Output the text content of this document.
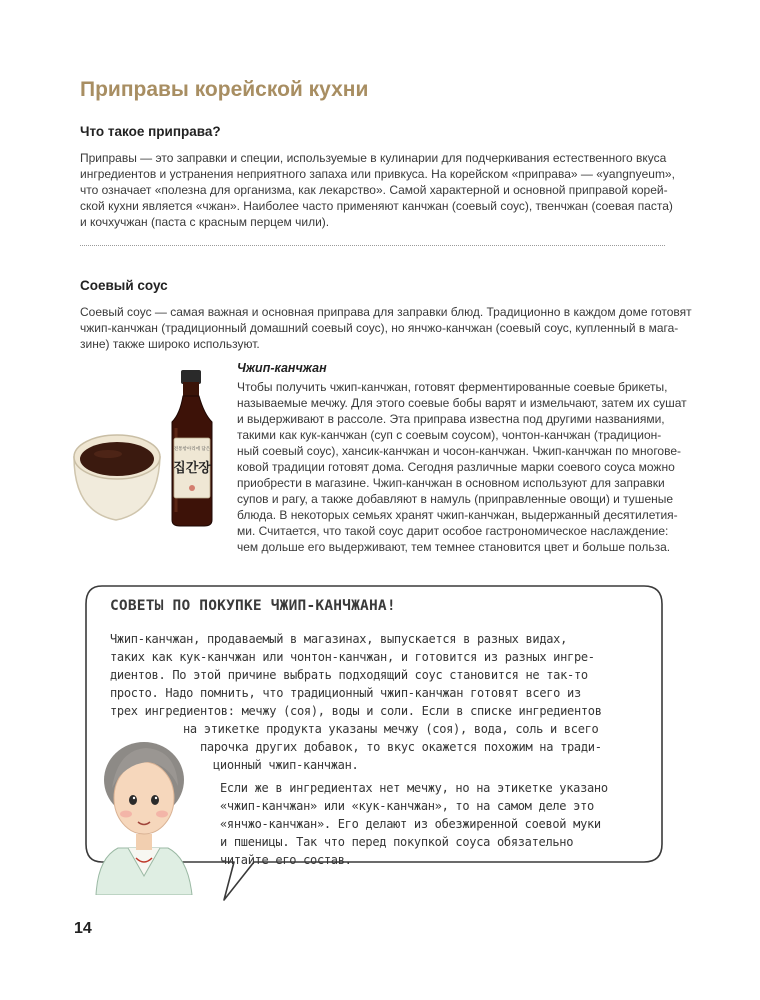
Приправы корейской кухни
Что такое приправа?
Приправы — это заправки и специи, используемые в кулинарии для подчеркивания естественного вкуса
ингредиентов и устранения неприятного запаха или привкуса. На корейском «приправа» — «yangnyeum»,
что означает «полезна для организма, как лекарство». Самой характерной и основной приправой корей-
ской кухни является «чжан». Наиболее часто применяют канчжан (соевый соус), твенчжан (соевая паста)
и кочхучжан (паста с красным перцем чили).
Соевый соус
Соевый соус — самая важная и основная приправа для заправки блюд. Традиционно в каждом доме готовят
чжип-канчжан (традиционный домашний соевый соус), но янчжо-канчжан (соевый соус, купленный в мага-
зине) также широко используют.
전통항아리에 담은
집간장

Чжип-канчжан

Чтобы получить чжип-канчжан, готовят ферментированные соевые брикеты,
называемые мечжу. Для этого соевые бобы варят и измельчают, затем их сушат
и выдерживают в рассоле. Эта приправа известна под другими названиями,
такими как кук-канчжан (суп с соевым соусом), чонтон-канчжан (традицион-
ный соевый соус), хансик-канчжан и чосон-канчжан. Чжип-канчжан по многове-
ковой традиции готовят дома. Сегодня различные марки соевого соуса можно
приобрести в магазине. Чжип-канчжан в основном используют для заправки
супов и рагу, а также добавляют в намуль (приправленные овощи) и тушеные
блюда. В некоторых семьях хранят чжип-канчжан, выдержанный десятилетия-
ми. Считается, что такой соус дарит особое гастрономическое наслаждение:
чем дольше его выдерживают, тем темнее становится цвет и больше польза.

СОВЕТЫ ПО ПОКУПКЕ ЧЖИП-КАНЧЖАНА!

Чжип-канчжан, продаваемый в магазинах, выпускается в разных видах,
таких как кук-канчжан или чонтон-канчжан, и готовится из разных ингре-
диентов. По этой причине выбрать подходящий соус становится не так-то
просто. Надо помнить, что традиционный чжип-канчжан готовят всего из
трех ингредиентов: мечжу (соя), воды и соли. Если в списке ингредиентов
на этикетке продукта указаны мечжу (соя), вода, соль и всего
парочка других добавок, то вкус окажется похожим на тради-
ционный чжип-канчжан.
Если же в ингредиентах нет мечжу, но на этикетке указано
«чжип-канчжан» или «кук-канчжан», то на самом деле это
«янчжо-канчжан». Его делают из обезжиренной соевой муки
и пшеницы. Так что перед покупкой соуса обязательно
читайте его состав.
14
